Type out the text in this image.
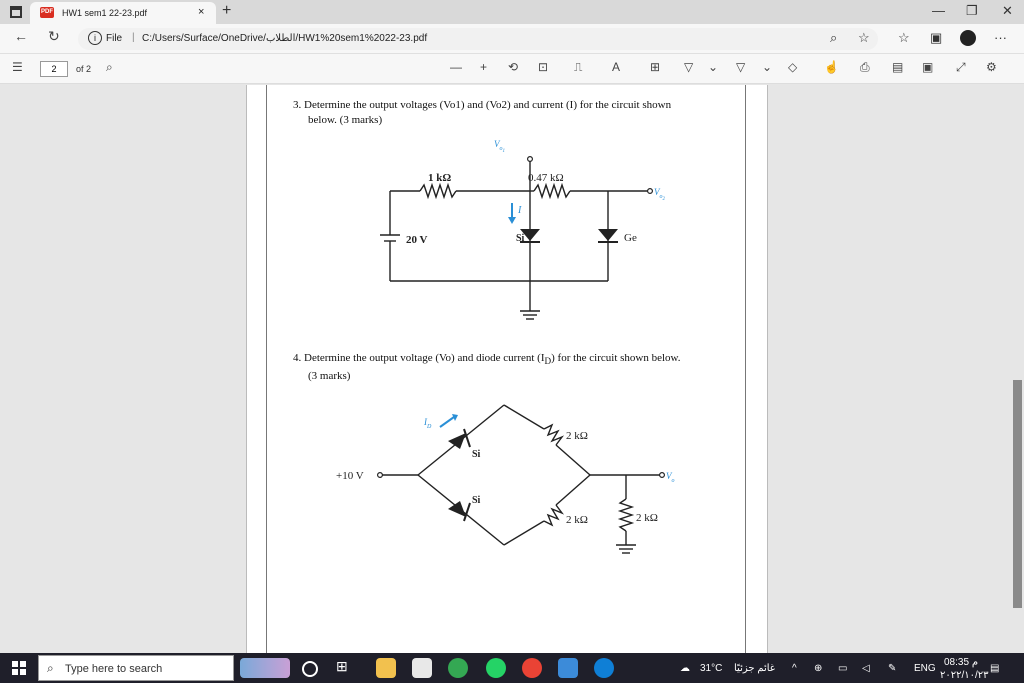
PDF HW1 sem1 22-23.pdf	× +	— ❐ ✕
← ↻	i	File | C:/Users/Surface/OneDrive/الطلاب/HW1%20sem1%2022-23.pdf	⌕ ☆ ☆ ▣	···
☰	2	of 2 ⌕	— + ⟲ ⊡ ⎍ A ⊞ ▽ ⌄ ▽ ⌄ ◇ ☝ ⎙ ▤ ▣ ⤢ ⚙
3. Determine the output voltages (Vo1) and (Vo2) and current (I) for the circuit shown
below. (3 marks)
4. Determine the output voltage (Vo) and diode current $(I_D)$ for the circuit shown below.
(3 marks)
1 kΩ	0.47 kΩ
20 V	Si	Ge
I
$V_{o1}$
$V_{o2}$
+10 V
Si
Si
2 kΩ
2 kΩ	2 kΩ
$I_D$
$V_o$
⌕ Type here to search	⊞	☁ 31°C غائم جزئيًا ^ ⊕ ▭ ◁ ✎ ENG
08:35 م
٢٠٢٢/١٠/٢٣
▤
